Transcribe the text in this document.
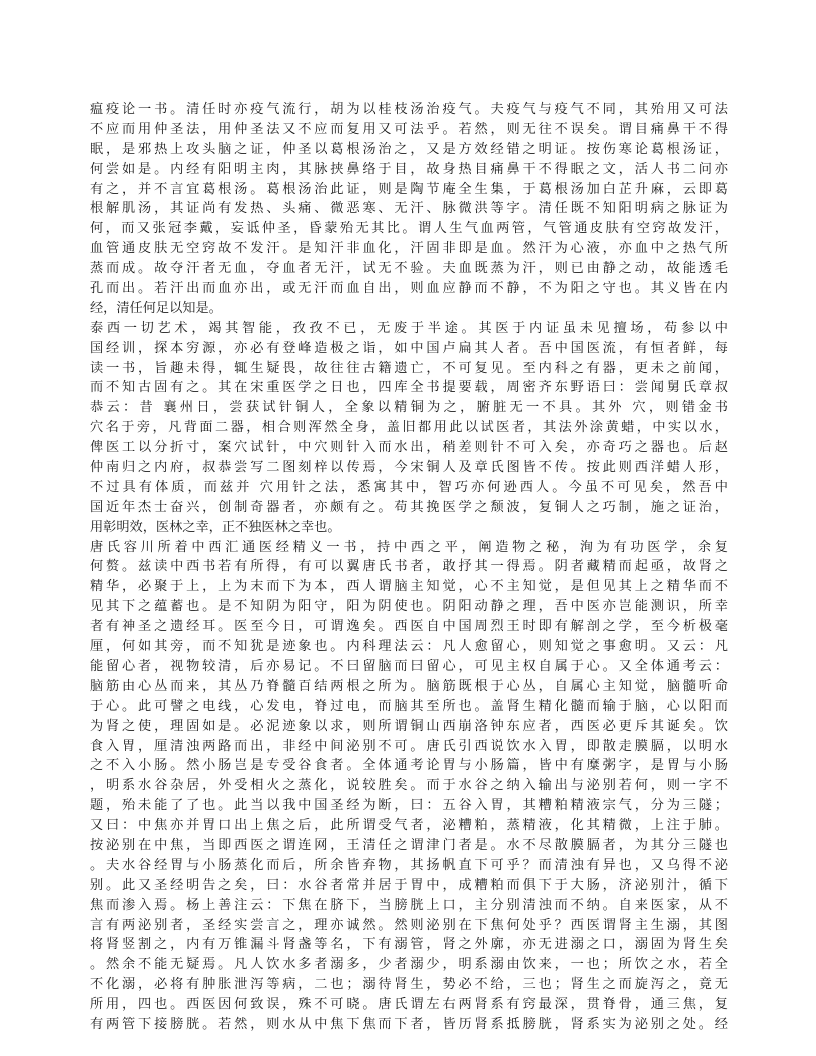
瘟疫论一书。清任时亦疫气流行，胡为以桂枝汤治疫气。夫疫气与疫气不同，其殆用又可法
不应而用仲圣法，用仲圣法又不应而复用又可法乎。若然，则无往不误矣。谓目痛鼻干不得
眠，是邪热上攻头脑之证，仲圣以葛根汤治之，又是方效经错之明证。按伤寒论葛根汤证，
何尝如是。内经有阳明主肉，其脉挟鼻络于目，故身热目痛鼻干不得眠之文，活人书二问亦
有之，并不言宜葛根汤。葛根汤治此证，则是陶节庵全生集，于葛根汤加白芷升麻，云即葛
根解肌汤，其证尚有发热、头痛、微恶寒、无汗、脉微洪等字。清任既不知阳明病之脉证为
何，而又张冠李戴，妄诋仲圣，昏蒙殆无其比。谓人生气血两管，气管通皮肤有空窍故发汗，
血管通皮肤无空窍故不发汗。是知汗非血化，汗固非即是血。然汗为心液，亦血中之热气所
蒸而成。故夺汗者无血，夺血者无汗，试无不验。夫血既蒸为汗，则已由静之动，故能透毛
孔而出。若汗出而血亦出，或无汗而血自出，则血应静而不静，不为阳之守也。其义皆在内
经，清任何足以知是。
泰西一切艺术，竭其智能，孜孜不已，无废于半途。其医于内证虽未见擅场，苟参以中
国经训，探本穷源，亦必有登峰造极之诣，如中国卢扁其人者。吾中国医流，有恒者鲜，每
读一书，旨趣未得，辄生疑畏，故往往古籍遗亡，不可复见。至内科之有器，更未之前闻，
而不知古固有之。其在宋重医学之日也，四库全书提要载，周密齐东野语曰：尝闻舅氏章叔
恭云：昔 襄州日，尝获试针铜人，全象以精铜为之，腑脏无一不具。其外 穴，则错金书
穴名于旁，凡背面二器，相合则浑然全身，盖旧都用此以试医者，其法外涂黄蜡，中实以水，
俾医工以分折寸，案穴试针，中穴则针入而水出，稍差则针不可入矣，亦奇巧之器也。后赵
仲南归之内府，叔恭尝写二图刻梓以传焉，今宋铜人及章氏图皆不传。按此则西洋蜡人形，
不过具有体质，而兹并 穴用针之法，悉寓其中，智巧亦何逊西人。今虽不可见矣，然吾中
国近年杰士奋兴，创制奇器者，亦颇有之。苟其挽医学之颓波，复铜人之巧制，施之证治，
用彰明效，医林之幸，正不独医林之幸也。
唐氏容川所着中西汇通医经精义一书，持中西之平，阐造物之秘，洵为有功医学，余复
何赘。兹读中西书若有所得，有可以翼唐氏书者，敢抒其一得焉。阴者藏精而起亟，故肾之
精华，必聚于上，上为末而下为本，西人谓脑主知觉，心不主知觉，是但见其上之精华而不
见其下之蕴蓄也。是不知阴为阳守，阳为阴使也。阴阳动静之理，吾中医亦岂能测识，所幸
者有神圣之遗经耳。医至今日，可谓逸矣。西医自中国周烈王时即有解剖之学，至今析极毫
厘，何如其旁，而不知犹是迹象也。内科理法云：凡人愈留心，则知觉之事愈明。又云：凡
能留心者，视物较清，后亦易记。不曰留脑而曰留心，可见主权自属于心。又全体通考云：
脑筋由心丛而来，其丛乃脊髓百结两根之所为。脑筋既根于心丛，自属心主知觉，脑髓听命
于心。此可譬之电线，心发电，脊过电，而脑其至所也。盖肾生精化髓而输于脑，心以阳而
为肾之使，理固如是。必泥迹象以求，则所谓铜山西崩洛钟东应者，西医必更斥其诞矣。饮
食入胃，厘清浊两路而出，非经中间泌别不可。唐氏引西说饮水入胃，即散走膜膈，以明水
之不入小肠。然小肠岂是专受谷食者。全体通考论胃与小肠篇，皆中有糜粥字，是胃与小肠
，明系水谷杂居，外受相火之蒸化，说较胜矣。而于水谷之纳入输出与泌别若何，则一字不
题，殆未能了了也。此当以我中国圣经为断，曰：五谷入胃，其糟粕精液宗气，分为三隧；
又曰：中焦亦并胃口出上焦之后，此所谓受气者，泌糟粕，蒸精液，化其精微，上注于肺。
按泌别在中焦，当即西医之谓连网，王清任之谓津门者是。水不尽散膜膈者，为其分三隧也
。夫水谷经胃与小肠蒸化而后，所余皆弃物，其扬帆直下可乎？而清浊有异也，又乌得不泌
别。此又圣经明告之矣，曰：水谷者常并居于胃中，成糟粕而俱下于大肠，济泌别汁，循下
焦而渗入焉。杨上善注云：下焦在脐下，当膀胱上口，主分别清浊而不纳。自来医家，从不
言有两泌别者，圣经实尝言之，理亦诚然。然则泌别在下焦何处乎？西医谓肾主生溺，其图
将肾竖割之，内有万锥漏斗肾盏等名，下有溺管，肾之外廓，亦无进溺之口，溺固为肾生矣
。然余不能无疑焉。凡人饮水多者溺多，少者溺少，明系溺由饮来，一也；所饮之水，若全
不化溺，必将有肿胀泄泻等病，二也；溺待肾生，势必不给，三也；肾生之而旋泻之，竟无
所用，四也。西医因何致误，殊不可晓。唐氏谓左右两肾系有窍最深，贯脊骨，通三焦，复
有两管下接膀胱。若然，则水从中焦下焦而下者，皆历肾系抵膀胱，肾系实为泌别之处。经
